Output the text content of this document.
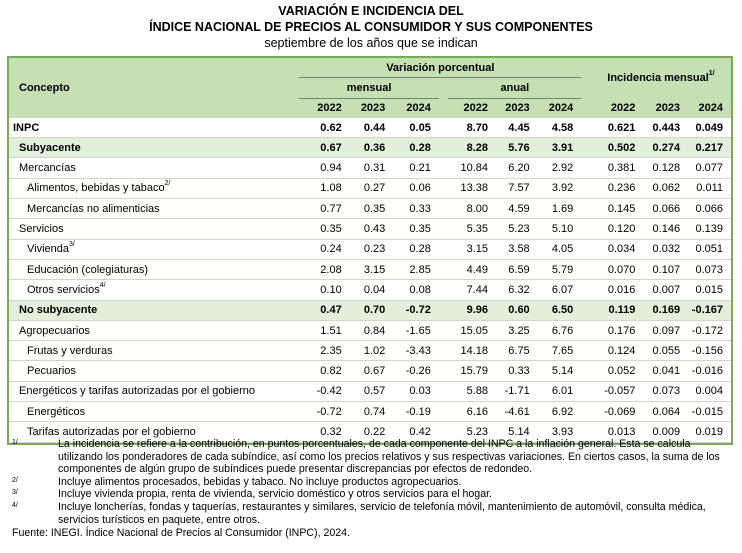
VARIACIÓN E INCIDENCIA DEL
ÍNDICE NACIONAL DE PRECIOS AL CONSUMIDOR Y SUS COMPONENTES
septiembre de los años que se indican
Concepto	Variación porcentual								Incidencia mensual$^{1/}$
	mensual				anual						
	2022	2023	2024		2022	2023	2024		2022	2023	2024
INPC	0.62	0.44	0.05		8.70	4.45	4.58		0.621	0.443	0.049
Subyacente	0.67	0.36	0.28		8.28	5.76	3.91		0.502	0.274	0.217
Mercancías	0.94	0.31	0.21		10.84	6.20	2.92		0.381	0.128	0.077
Alimentos, bebidas y tabaco$^{2/}$	1.08	0.27	0.06		13.38	7.57	3.92		0.236	0.062	0.011
Mercancías no alimenticias	0.77	0.35	0.33		8.00	4.59	1.69		0.145	0.066	0.066
Servicios	0.35	0.43	0.35		5.35	5.23	5.10		0.120	0.146	0.139
Vivienda$^{3/}$	0.24	0.23	0.28		3.15	3.58	4.05		0.034	0.032	0.051
Educación (colegiaturas)	2.08	3.15	2.85		4.49	6.59	5.79		0.070	0.107	0.073
Otros servicios$^{4/}$	0.10	0.04	0.08		7.44	6.32	6.07		0.016	0.007	0.015
No subyacente	0.47	0.70	-0.72		9.96	0.60	6.50		0.119	0.169	-0.167
Agropecuarios	1.51	0.84	-1.65		15.05	3.25	6.76		0.176	0.097	-0.172
Frutas y verduras	2.35	1.02	-3.43		14.18	6.75	7.65		0.124	0.055	-0.156
Pecuarios	0.82	0.67	-0.26		15.79	0.33	5.14		0.052	0.041	-0.016
Energéticos y tarifas autorizadas por el gobierno	-0.42	0.57	0.03		5.88	-1.71	6.01		-0.057	0.073	0.004
Energéticos	-0.72	0.74	-0.19		6.16	-4.61	6.92		-0.069	0.064	-0.015
Tarifas autorizadas por el gobierno	0.32	0.22	0.42		5.23	5.14	3.93		0.013	0.009	0.019
1/	La incidencia se refiere a la contribución, en puntos porcentuales, de cada componente del INPC a la inflación general. Esta se calcula utilizando los ponderadores de cada subíndice, así como los precios relativos y sus respectivas variaciones. En ciertos casos, la suma de los componentes de algún grupo de subíndices puede presentar discrepancias por efectos de redondeo.
2/	Incluye alimentos procesados, bebidas y tabaco. No incluye productos agropecuarios.
3/	Incluye vivienda propia, renta de vivienda, servicio doméstico y otros servicios para el hogar.
4/	Incluye loncherías, fondas y taquerías, restaurantes y similares, servicio de telefonía móvil, mantenimiento de automóvil, consulta médica, servicios turísticos en paquete, entre otros.
Fuente: INEGI. Índice Nacional de Precios al Consumidor (INPC), 2024.
